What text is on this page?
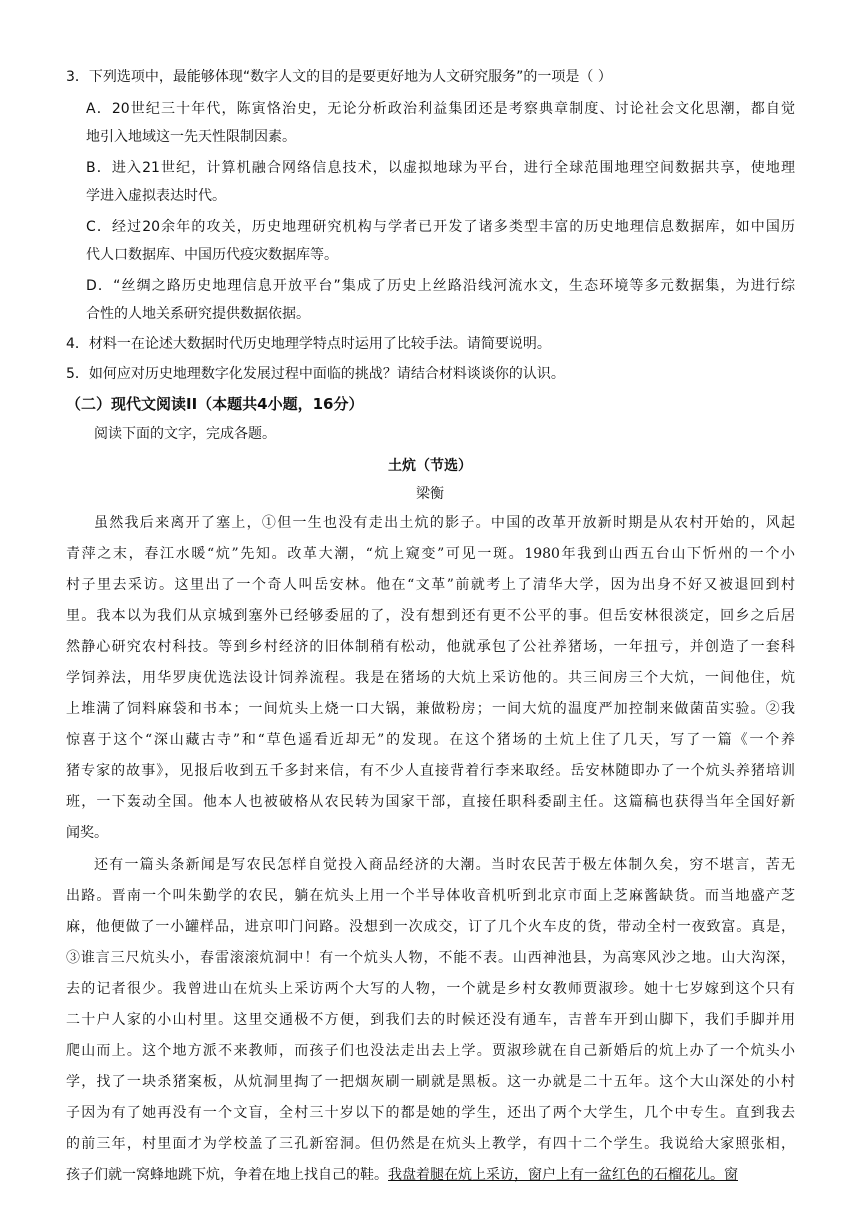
3．下列选项中，最能够体现“数字人文的目的是要更好地为人文研究服务”的一项是（ ）
A．20世纪三十年代，陈寅恪治史，无论分析政治利益集团还是考察典章制度、讨论社会文化思潮，都自觉
地引入地域这一先天性限制因素。
B．进入21世纪，计算机融合网络信息技术，以虚拟地球为平台，进行全球范围地理空间数据共享，使地理
学进入虚拟表达时代。
C．经过20余年的攻关，历史地理研究机构与学者已开发了诸多类型丰富的历史地理信息数据库，如中国历
代人口数据库、中国历代疫灾数据库等。
D．“丝绸之路历史地理信息开放平台”集成了历史上丝路沿线河流水文，生态环境等多元数据集，为进行综
合性的人地关系研究提供数据依据。
4．材料一在论述大数据时代历史地理学特点时运用了比较手法。请简要说明。
5．如何应对历史地理数字化发展过程中面临的挑战？请结合材料谈谈你的认识。
（二）现代文阅读II（本题共4小题，16分）
阅读下面的文字，完成各题。
土炕（节选）
梁衡
虽然我后来离开了塞上，①但一生也没有走出土炕的影子。中国的改革开放新时期是从农村开始的，风起
青萍之末，春江水暖“炕”先知。改革大潮，“炕上窥变”可见一斑。1980年我到山西五台山下忻州的一个小
村子里去采访。这里出了一个奇人叫岳安林。他在“文革”前就考上了清华大学，因为出身不好又被退回到村
里。我本以为我们从京城到塞外已经够委屈的了，没有想到还有更不公平的事。但岳安林很淡定，回乡之后居
然静心研究农村科技。等到乡村经济的旧体制稍有松动，他就承包了公社养猪场，一年扭亏，并创造了一套科
学饲养法，用华罗庚优选法设计饲养流程。我是在猪场的大炕上采访他的。共三间房三个大炕，一间他住，炕
上堆满了饲料麻袋和书本；一间炕头上烧一口大锅，兼做粉房；一间大炕的温度严加控制来做菌苗实验。②我
惊喜于这个“深山藏古寺”和“草色遥看近却无”的发现。在这个猪场的土炕上住了几天，写了一篇《一个养
猪专家的故事》，见报后收到五千多封来信，有不少人直接背着行李来取经。岳安林随即办了一个炕头养猪培训
班，一下轰动全国。他本人也被破格从农民转为国家干部，直接任职科委副主任。这篇稿也获得当年全国好新
闻奖。
还有一篇头条新闻是写农民怎样自觉投入商品经济的大潮。当时农民苦于极左体制久矣，穷不堪言，苦无
出路。晋南一个叫朱勤学的农民，躺在炕头上用一个半导体收音机听到北京市面上芝麻酱缺货。而当地盛产芝
麻，他便做了一小罐样品，进京叩门问路。没想到一次成交，订了几个火车皮的货，带动全村一夜致富。真是，
③谁言三尺炕头小，春雷滚滚炕洞中！有一个炕头人物，不能不表。山西神池县，为高寒风沙之地。山大沟深，
去的记者很少。我曾进山在炕头上采访两个大写的人物，一个就是乡村女教师贾淑珍。她十七岁嫁到这个只有
二十户人家的小山村里。这里交通极不方便，到我们去的时候还没有通车，吉普车开到山脚下，我们手脚并用
爬山而上。这个地方派不来教师，而孩子们也没法走出去上学。贾淑珍就在自己新婚后的炕上办了一个炕头小
学，找了一块杀猪案板，从炕洞里掏了一把烟灰刷一刷就是黑板。这一办就是二十五年。这个大山深处的小村
子因为有了她再没有一个文盲，全村三十岁以下的都是她的学生，还出了两个大学生，几个中专生。直到我去
的前三年，村里面才为学校盖了三孔新窑洞。但仍然是在炕头上教学，有四十二个学生。我说给大家照张相，
孩子们就一窝蜂地跳下炕，争着在地上找自己的鞋。我盘着腿在炕上采访，窗户上有一盆红色的石榴花儿。窗
